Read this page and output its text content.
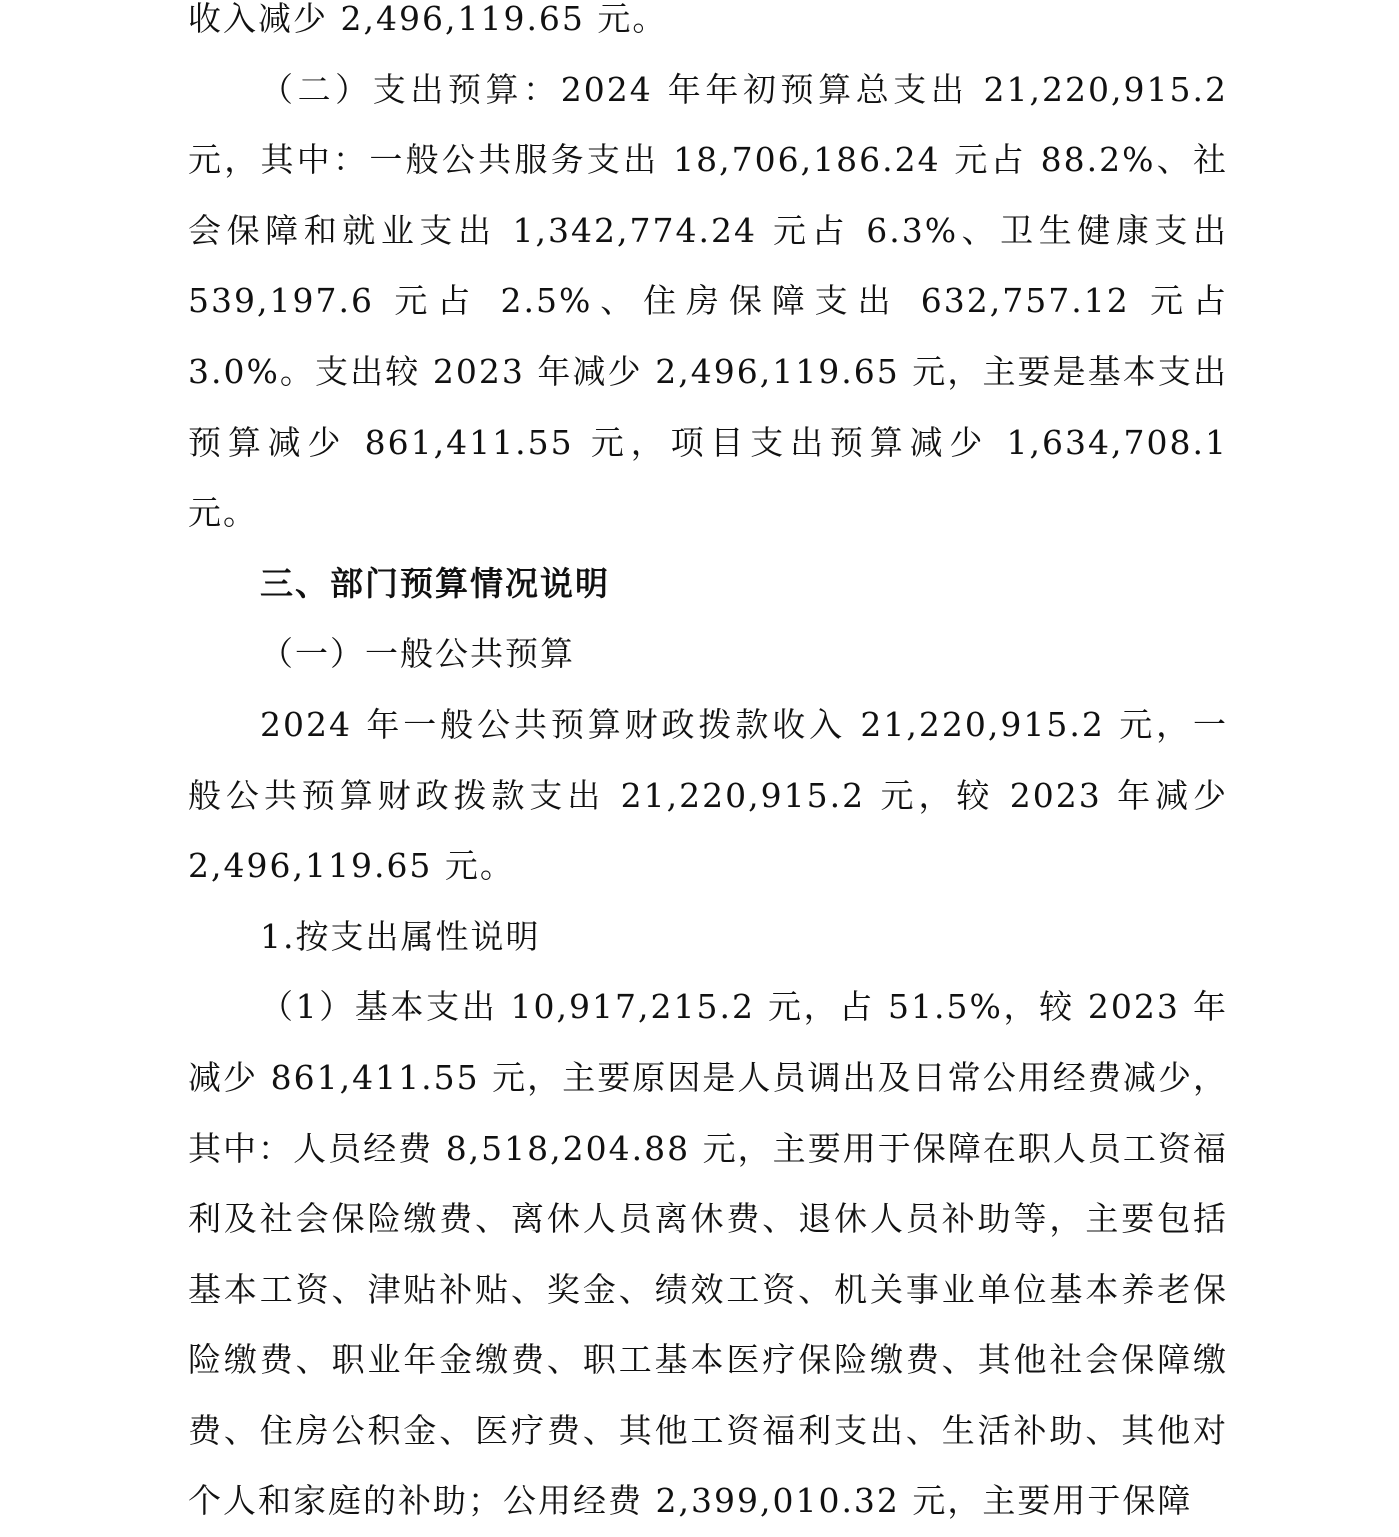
收入减少 2,496,119.65 元。

（二）支出预算：2024 年年初预算总支出 21,220,915.2 元，其中：一般公共服务支出 18,706,186.24 元占 88.2%、社会保障和就业支出 1,342,774.24 元占 6.3%、卫生健康支出 539,197.6 元占 2.5%、住房保障支出 632,757.12 元占 3.0%。支出较 2023 年减少 2,496,119.65 元，主要是基本支出预算减少 861,411.55 元，项目支出预算减少 1,634,708.1 元。

三、部门预算情况说明

（一）一般公共预算

2024 年一般公共预算财政拨款收入 21,220,915.2 元，一般公共预算财政拨款支出 21,220,915.2 元，较 2023 年减少 2,496,119.65 元。

1.按支出属性说明

（1）基本支出 10,917,215.2 元，占 51.5%，较 2023 年减少 861,411.55 元，主要原因是人员调出及日常公用经费减少，其中：人员经费 8,518,204.88 元，主要用于保障在职人员工资福利及社会保险缴费、离休人员离休费、退休人员补助等，主要包括基本工资、津贴补贴、奖金、绩效工资、机关事业单位基本养老保险缴费、职业年金缴费、职工基本医疗保险缴费、其他社会保障缴费、住房公积金、医疗费、其他工资福利支出、生活补助、其他对个人和家庭的补助；公用经费 2,399,010.32 元，主要用于保障
